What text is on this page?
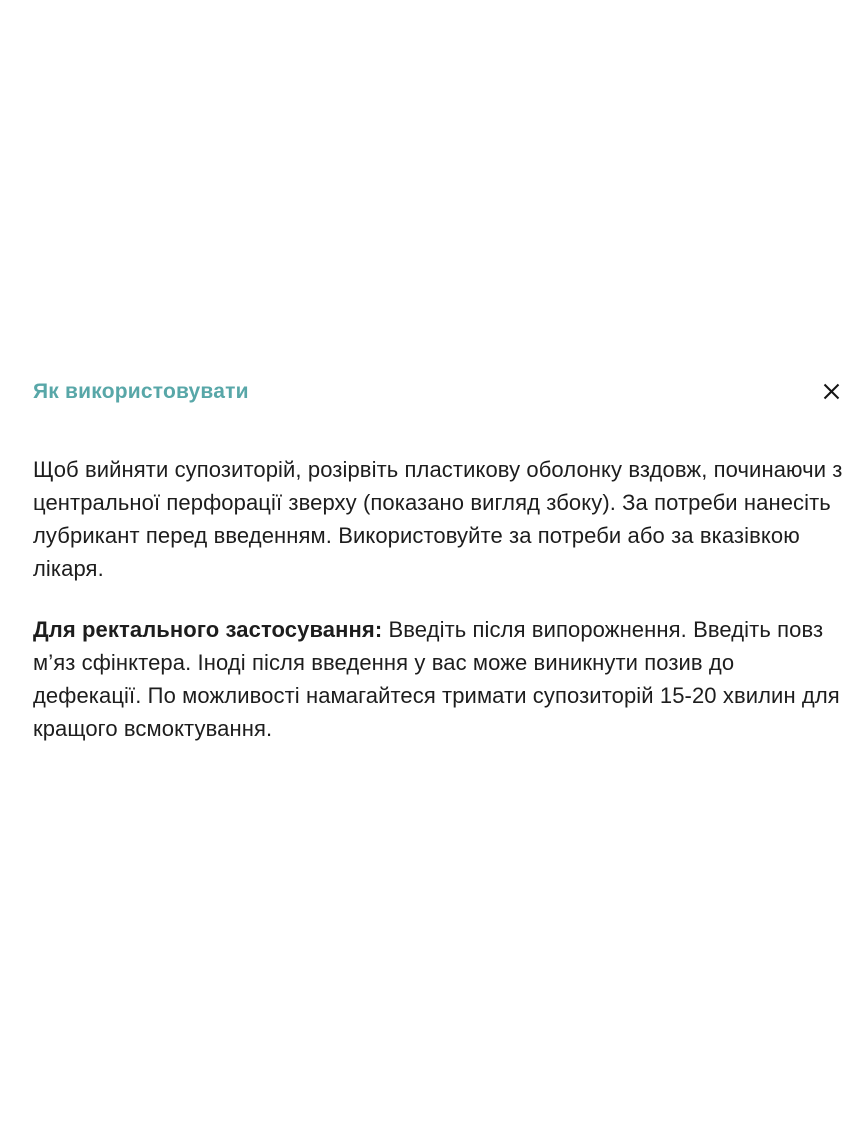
Як використовувати

Щоб вийняти супозиторій, розірвіть пластикову оболонку вздовж, починаючи з центральної перфорації зверху (показано вигляд збоку). За потреби нанесіть лубрикант перед введенням. Використовуйте за потреби або за вказівкою лікаря.

Для ректального застосування: Введіть після випорожнення. Введіть повз м’яз сфінктера. Іноді після введення у вас може виникнути позив до дефекації. По можливості намагайтеся тримати супозиторій 15-20 хвилин для кращого всмоктування.
